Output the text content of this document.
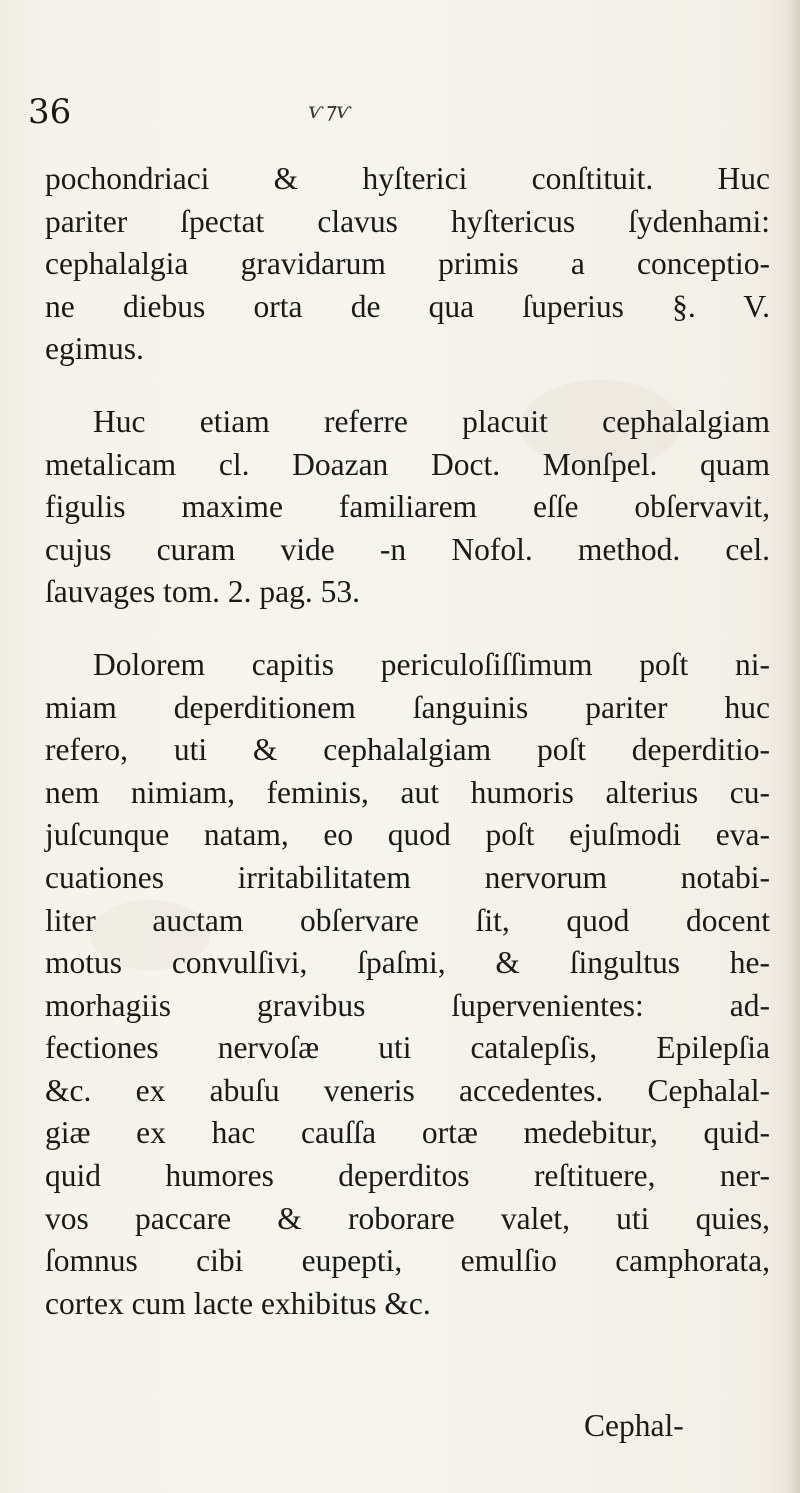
36	ѵ⁊ѵ
pochondriaci & hyſterici conſtituit. Huc
pariter ſpectat clavus hyſtericus ſydenhami:
cephalalgia gravidarum primis a conceptio-
ne diebus orta de qua ſuperius §. V.
egimus.
Huc etiam referre placuit cephalalgiam
metalicam cl. Doazan Doct. Monſpel. quam
figulis maxime familiarem eſſe obſervavit,
cujus curam vide -n Nofol. method. cel.
ſauvages tom. 2. pag. 53.
Dolorem capitis periculoſiſſimum poſt ni-
miam deperditionem ſanguinis pariter huc
refero, uti & cephalalgiam poſt deperditio-
nem nimiam, feminis, aut humoris alterius cu-
juſcunque natam, eo quod poſt ejuſmodi eva-
cuationes irritabilitatem nervorum notabi-
liter auctam obſervare ſit, quod docent
motus convulſivi, ſpaſmi, & ſingultus he-
morhagiis gravibus ſupervenientes: ad-
fectiones nervoſæ uti catalepſis, Epilepſia
&c. ex abuſu veneris accedentes. Cephalal-
giæ ex hac cauſſa ortæ medebitur, quid-
quid humores deperditos reſtituere, ner-
vos paccare & roborare valet, uti quies,
ſomnus cibi eupepti, emulſio camphorata,
cortex cum lacte exhibitus &c.
Cephal-
